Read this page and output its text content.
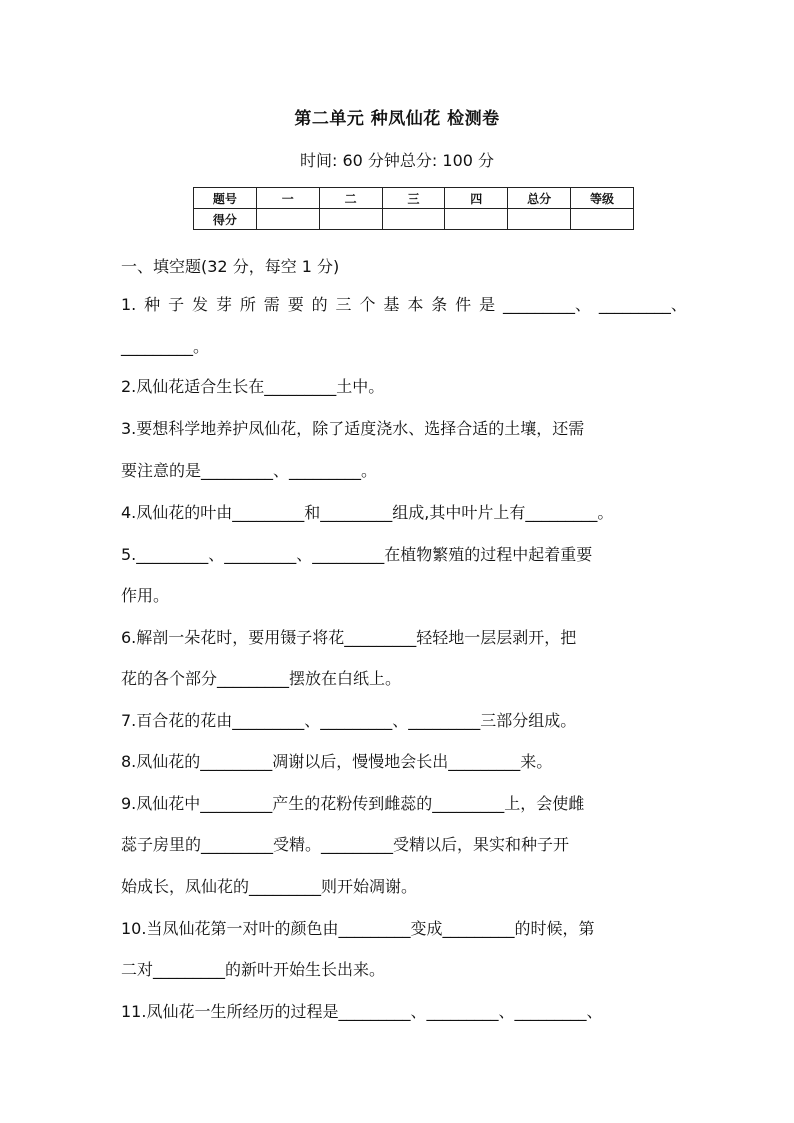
第二单元 种凤仙花 检测卷
时间: 60 分钟总分: 100 分
题号	一	二	三	四	总分	等级
得分						
一、填空题(32 分，每空 1 分)
1. 种 子 发 芽 所 需 要 的 三 个 基 本 条 件 是 _________、 _________、
_________。
2.凤仙花适合生长在_________土中。
3.要想科学地养护凤仙花，除了适度浇水、选择合适的土壤，还需
要注意的是_________、_________。
4.凤仙花的叶由_________和_________组成,其中叶片上有_________。
5._________、_________、_________在植物繁殖的过程中起着重要
作用。
6.解剖一朵花时，要用镊子将花_________轻轻地一层层剥开，把
花的各个部分_________摆放在白纸上。
7.百合花的花由_________、_________、_________三部分组成。
8.凤仙花的_________凋谢以后，慢慢地会长出_________来。
9.凤仙花中_________产生的花粉传到雌蕊的_________上，会使雌
蕊子房里的_________受精。_________受精以后，果实和种子开
始成长，凤仙花的_________则开始凋谢。
10.当凤仙花第一对叶的颜色由_________变成_________的时候，第
二对_________的新叶开始生长出来。
11.凤仙花一生所经历的过程是_________、_________、_________、
